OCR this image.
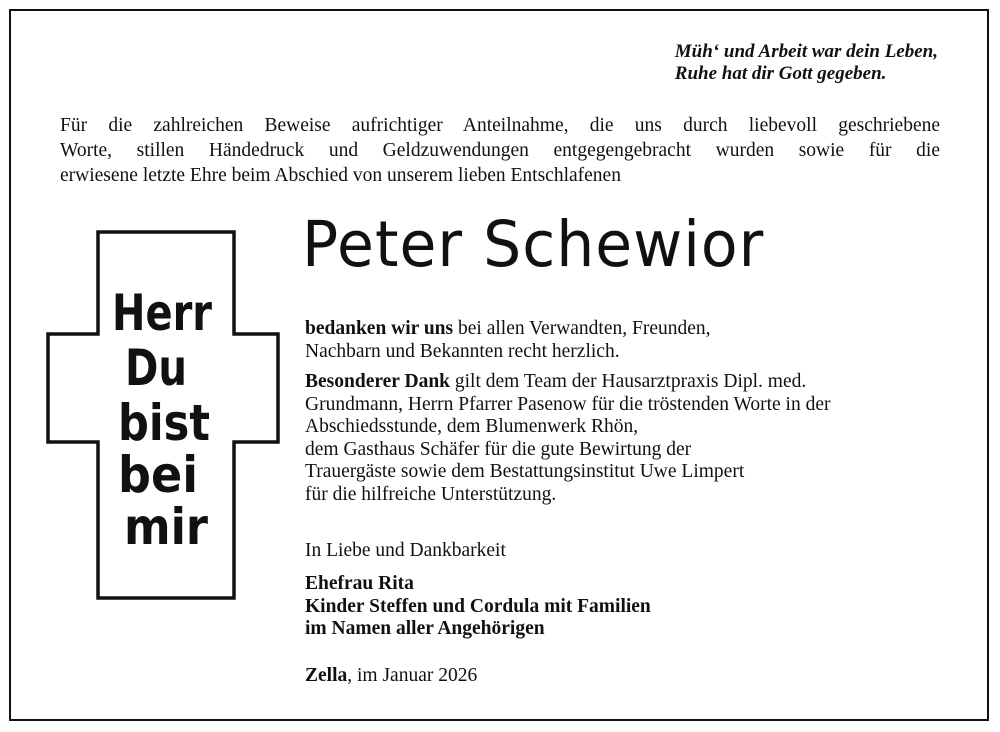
Müh‘ und Arbeit war dein Leben,
Ruhe hat dir Gott gegeben.
Für die zahlreichen Beweise aufrichtiger Anteilnahme, die uns durch liebevoll geschriebene
Worte, stillen Händedruck und Geldzuwendungen entgegengebracht wurden sowie für die
erwiesene letzte Ehre beim Abschied von unserem lieben Entschlafenen
Peter Schewior
Herr
Du
bist
bei
mir

bedanken wir uns bei allen Verwandten, Freunden,
Nachbarn und Bekannten recht herzlich.

Besonderer Dank gilt dem Team der Hausarztpraxis Dipl. med.
Grundmann, Herrn Pfarrer Pasenow für die tröstenden Worte in der
Abschiedsstunde, dem Blumenwerk Rhön,
dem Gasthaus Schäfer für die gute Bewirtung der
Trauergäste sowie dem Bestattungsinstitut Uwe Limpert
für die hilfreiche Unterstützung.

In Liebe und Dankbarkeit
Ehefrau Rita
Kinder Steffen und Cordula mit Familien
im Namen aller Angehörigen
Zella, im Januar 2026
